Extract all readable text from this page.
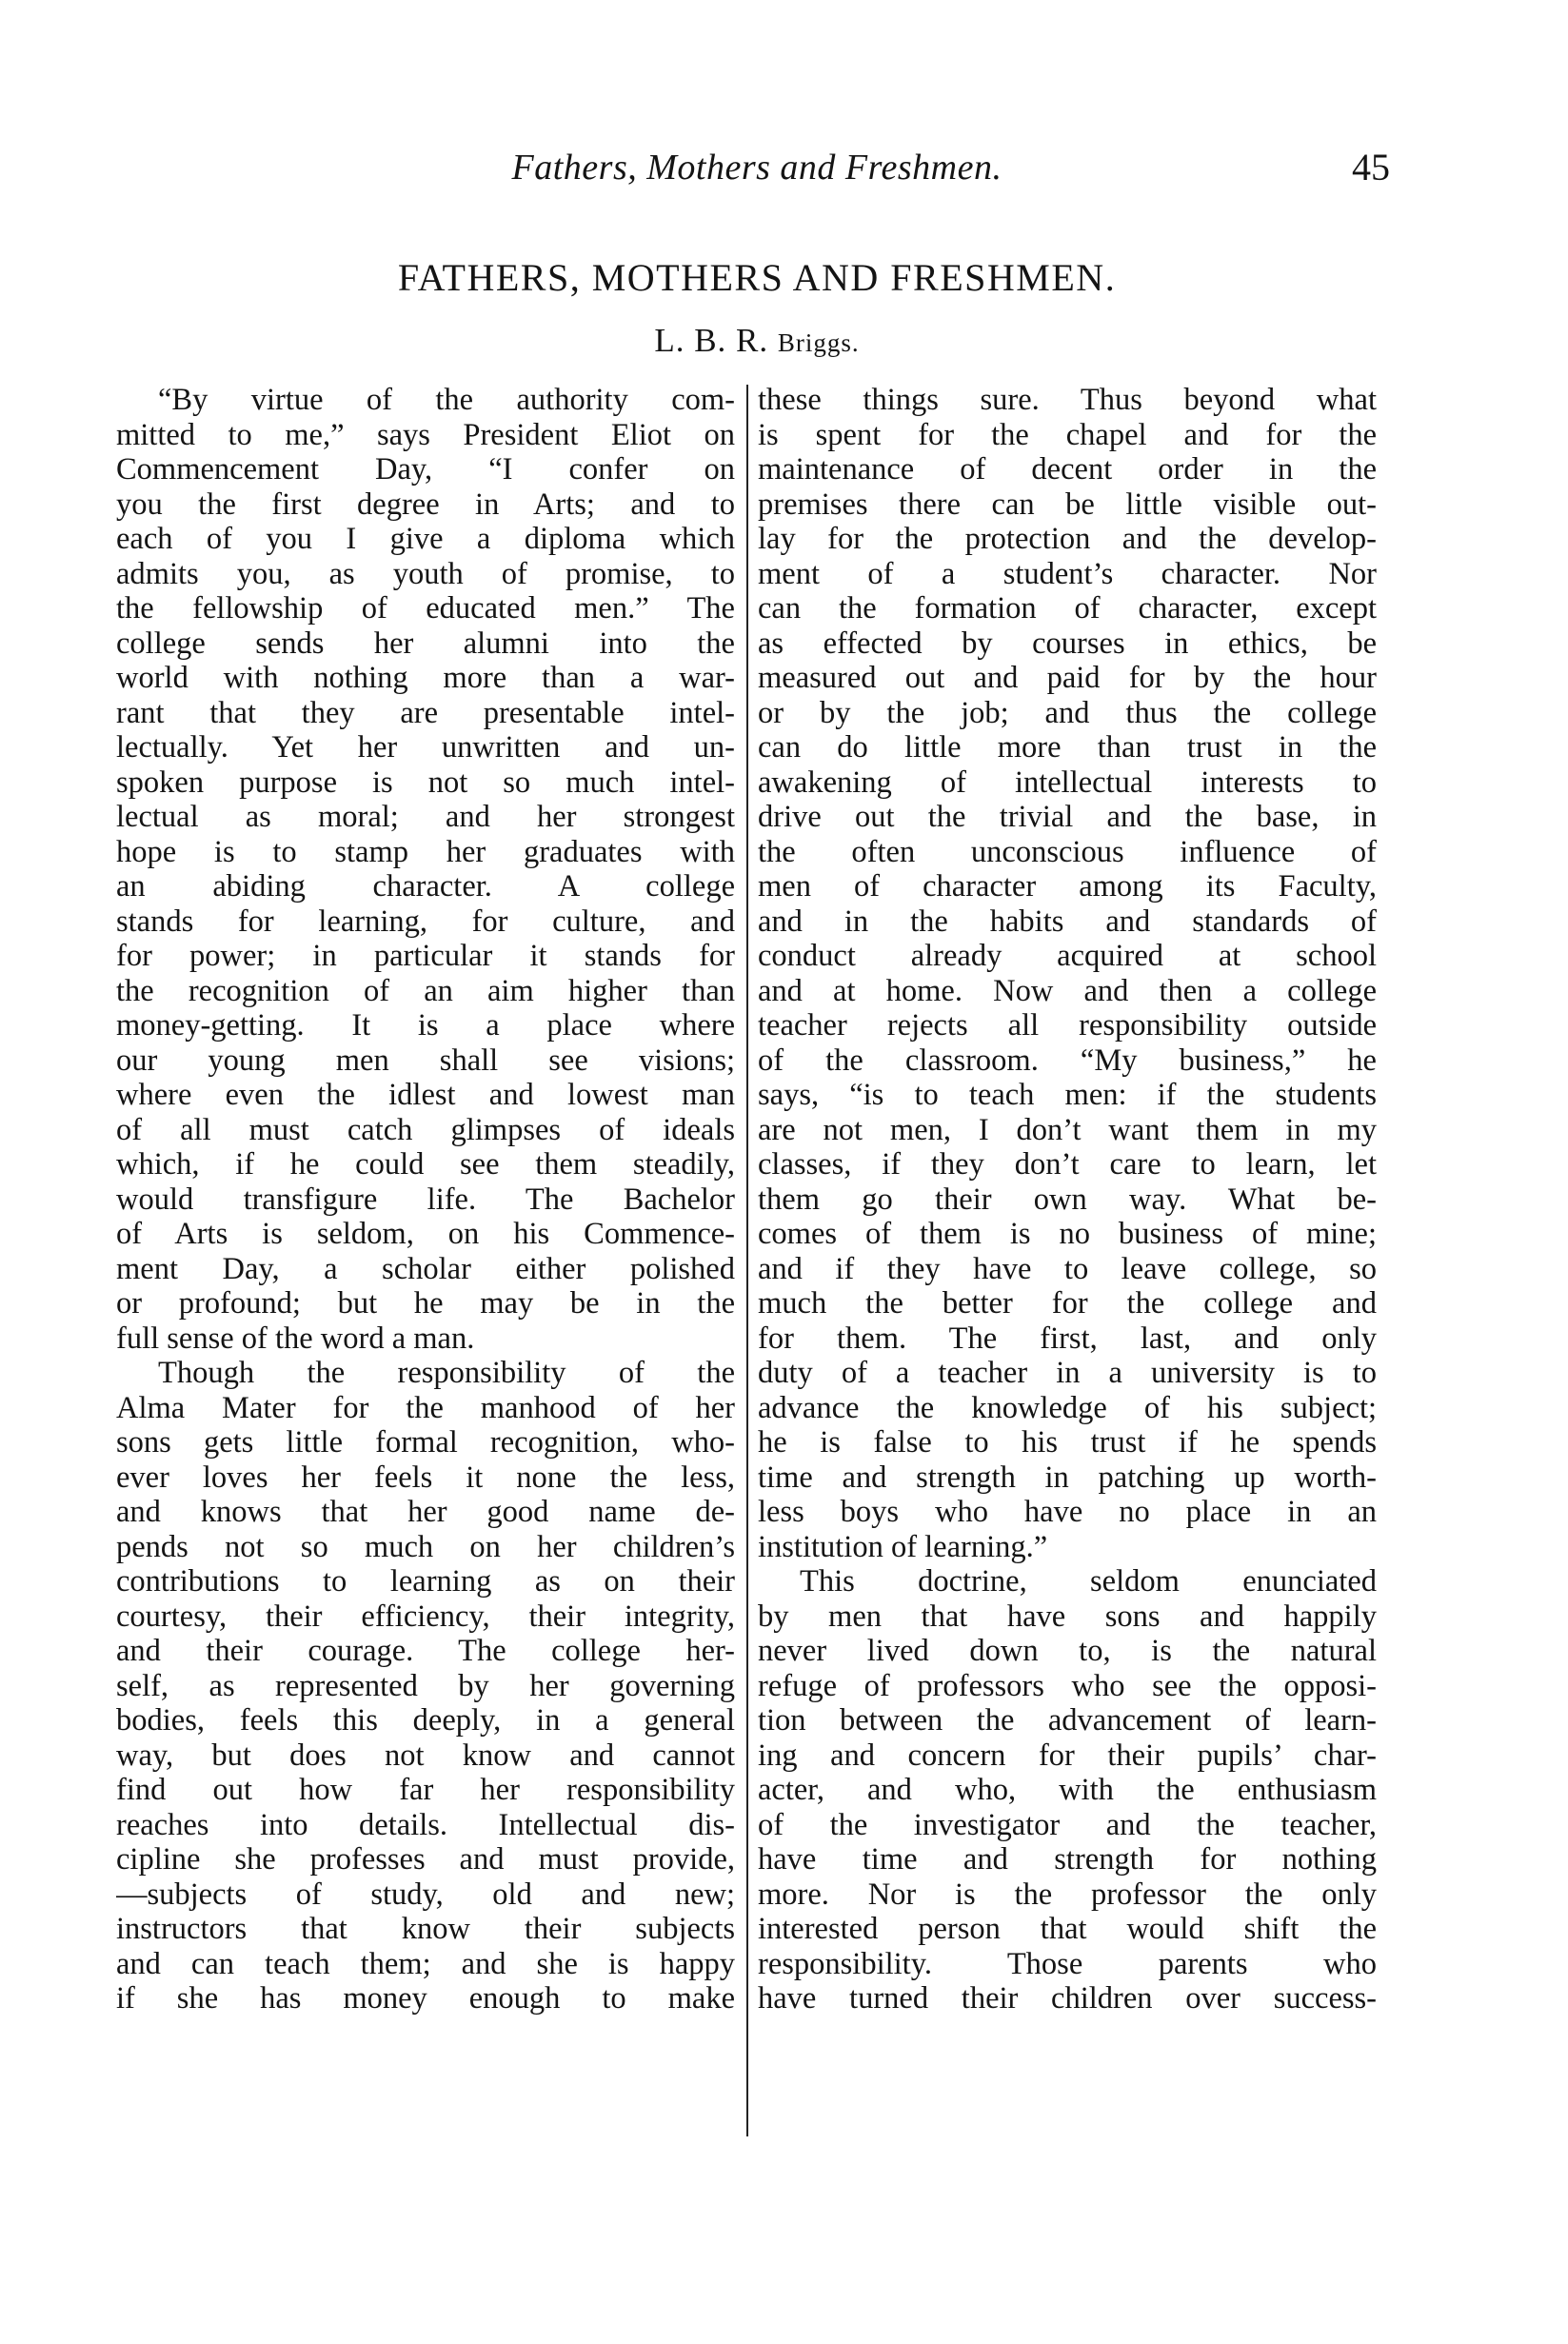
Fathers, Mothers and Freshmen.	45
FATHERS, MOTHERS AND FRESHMEN.
L. B. R. Briggs.
“By virtue of the authority com-
mitted to me,” says President Eliot on
Commencement Day, “I confer on
you the first degree in Arts; and to
each of you I give a diploma which
admits you, as youth of promise, to
the fellowship of educated men.” The
college sends her alumni into the
world with nothing more than a war-
rant that they are presentable intel-
lectually. Yet her unwritten and un-
spoken purpose is not so much intel-
lectual as moral; and her strongest
hope is to stamp her graduates with
an abiding character. A college
stands for learning, for culture, and
for power; in particular it stands for
the recognition of an aim higher than
money-getting. It is a place where
our young men shall see visions;
where even the idlest and lowest man
of all must catch glimpses of ideals
which, if he could see them steadily,
would transfigure life. The Bachelor
of Arts is seldom, on his Commence-
ment Day, a scholar either polished
or profound; but he may be in the
full sense of the word a man.
Though the responsibility of the
Alma Mater for the manhood of her
sons gets little formal recognition, who-
ever loves her feels it none the less,
and knows that her good name de-
pends not so much on her children’s
contributions to learning as on their
courtesy, their efficiency, their integrity,
and their courage. The college her-
self, as represented by her governing
bodies, feels this deeply, in a general
way, but does not know and cannot
find out how far her responsibility
reaches into details. Intellectual dis-
cipline she professes and must provide,
—subjects of study, old and new;
instructors that know their subjects
and can teach them; and she is happy
if she has money enough to make
these things sure. Thus beyond what
is spent for the chapel and for the
maintenance of decent order in the
premises there can be little visible out-
lay for the protection and the develop-
ment of a student’s character. Nor
can the formation of character, except
as effected by courses in ethics, be
measured out and paid for by the hour
or by the job; and thus the college
can do little more than trust in the
awakening of intellectual interests to
drive out the trivial and the base, in
the often unconscious influence of
men of character among its Faculty,
and in the habits and standards of
conduct already acquired at school
and at home. Now and then a college
teacher rejects all responsibility outside
of the classroom. “My business,” he
says, “is to teach men: if the students
are not men, I don’t want them in my
classes, if they don’t care to learn, let
them go their own way. What be-
comes of them is no business of mine;
and if they have to leave college, so
much the better for the college and
for them. The first, last, and only
duty of a teacher in a university is to
advance the knowledge of his subject;
he is false to his trust if he spends
time and strength in patching up worth-
less boys who have no place in an
institution of learning.”
This doctrine, seldom enunciated
by men that have sons and happily
never lived down to, is the natural
refuge of professors who see the opposi-
tion between the advancement of learn-
ing and concern for their pupils’ char-
acter, and who, with the enthusiasm
of the investigator and the teacher,
have time and strength for nothing
more. Nor is the professor the only
interested person that would shift the
responsibility. Those parents who
have turned their children over success-
